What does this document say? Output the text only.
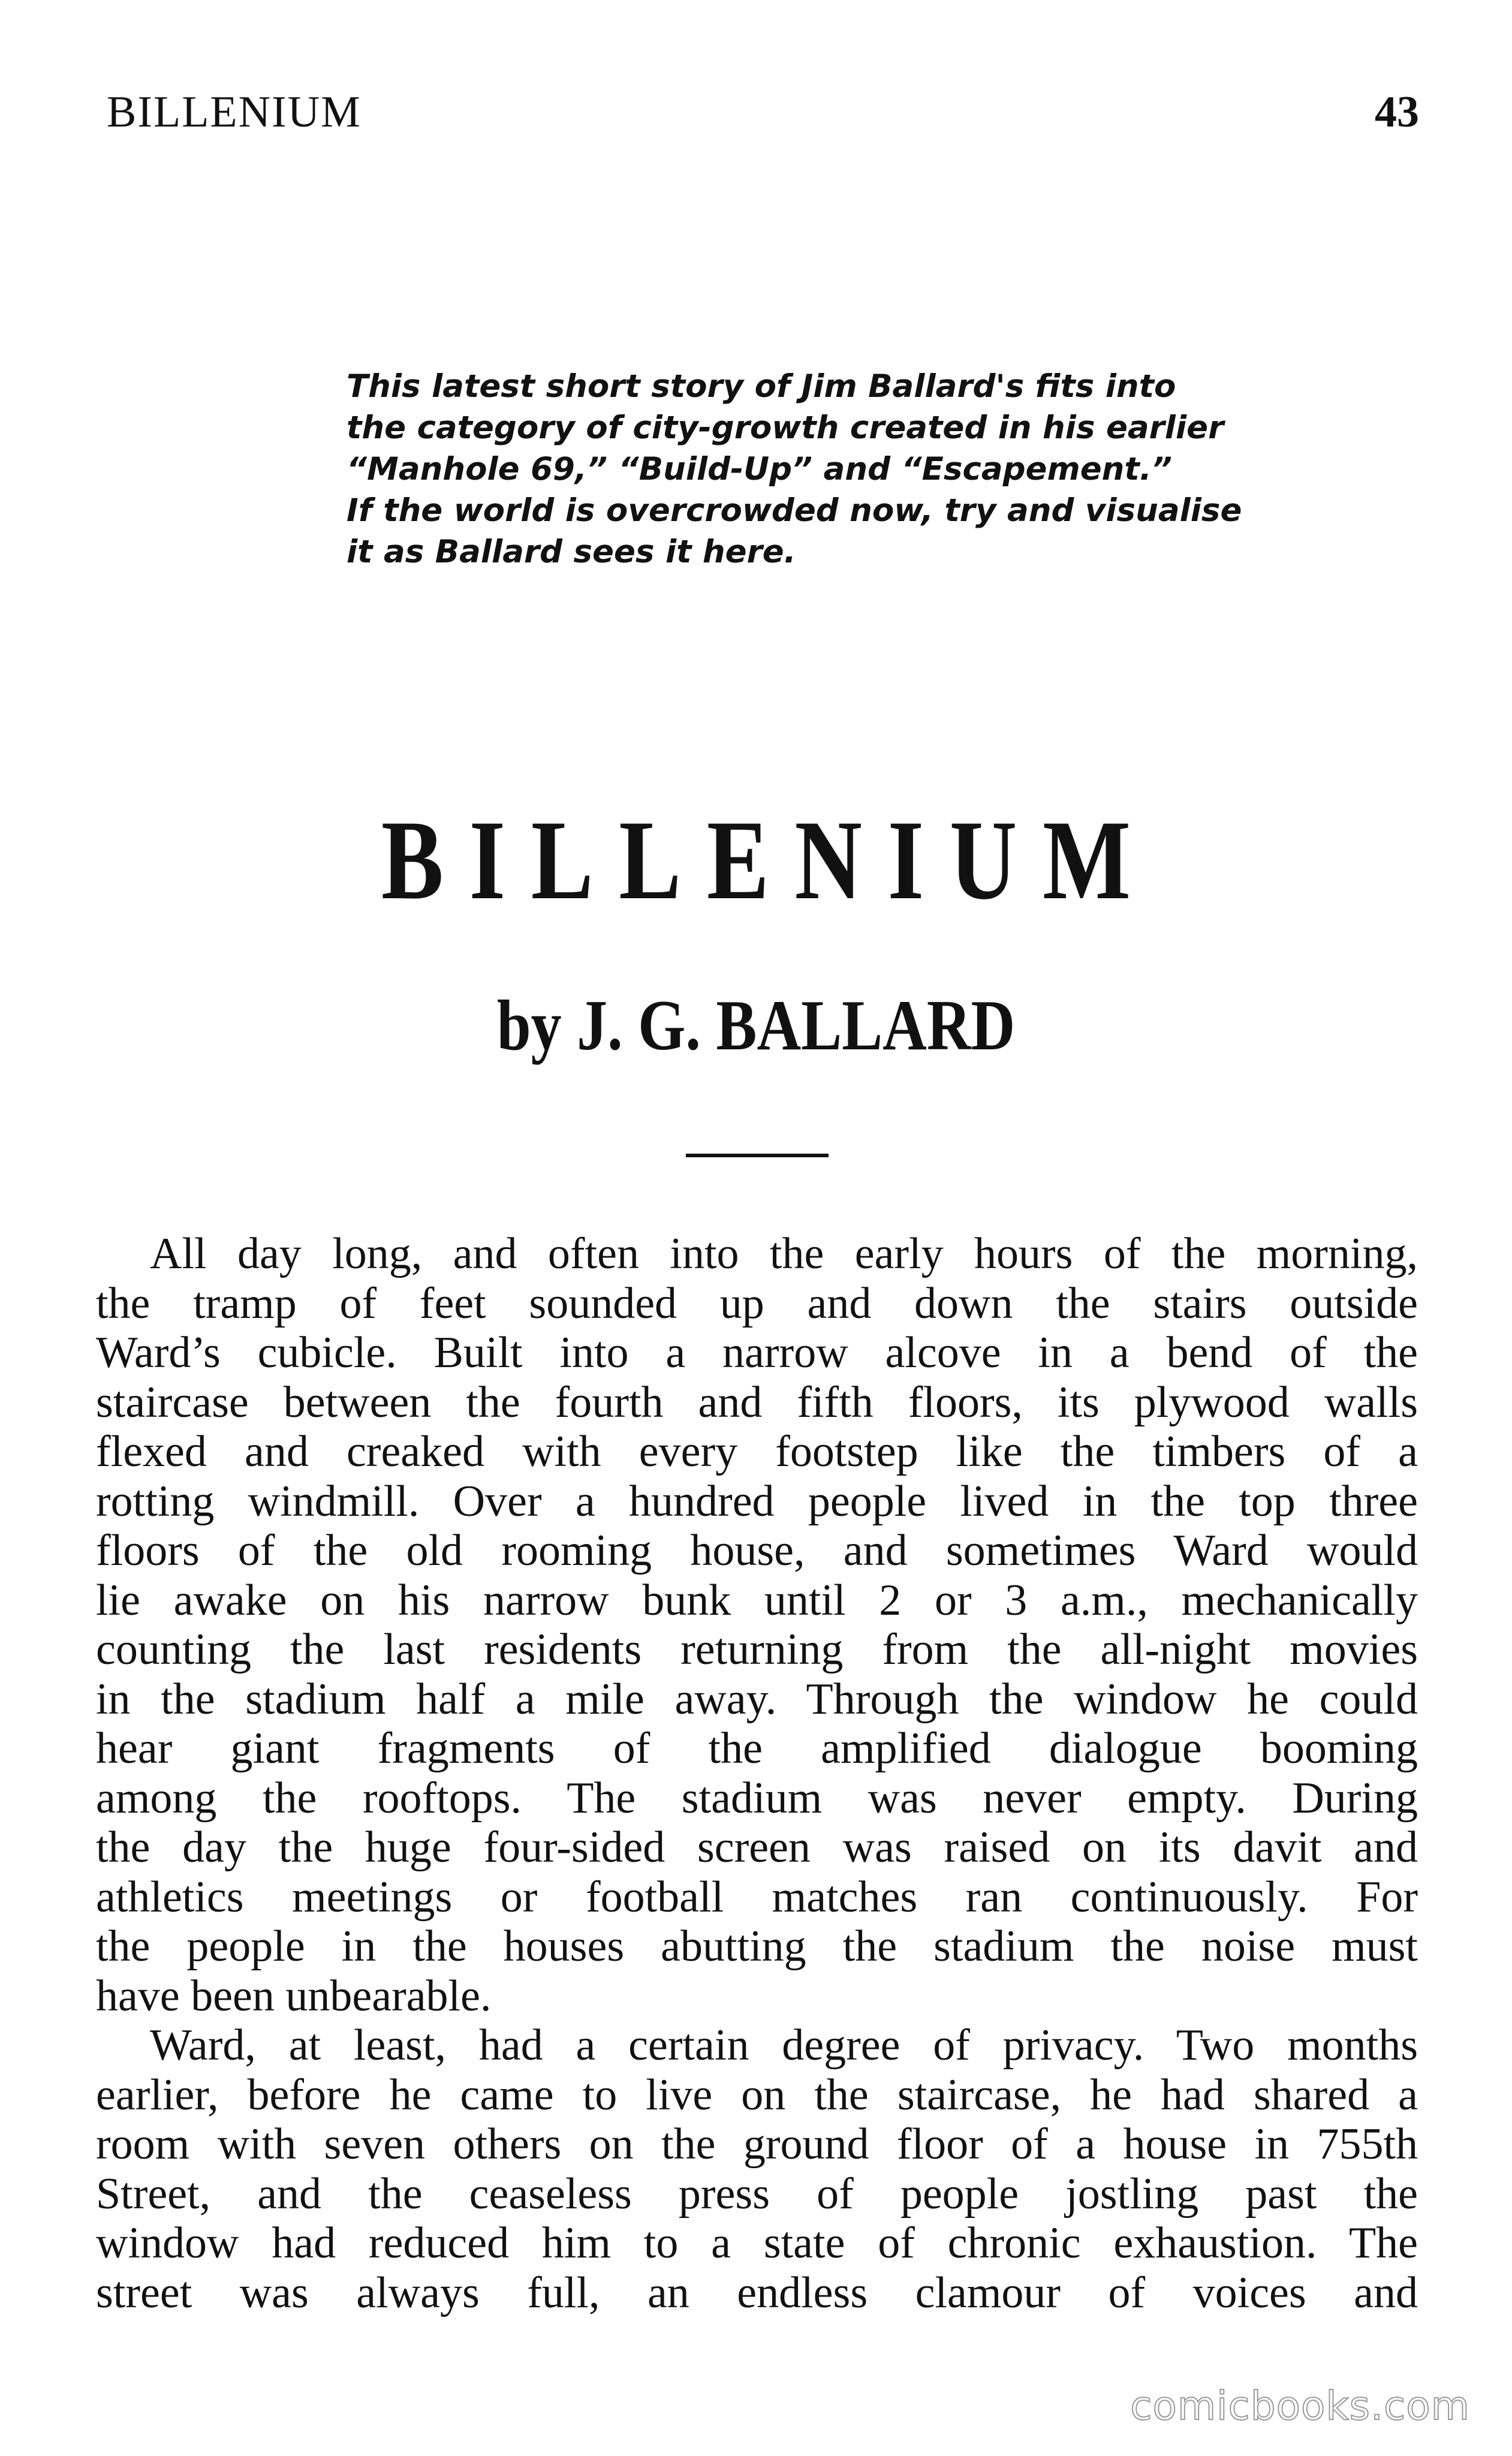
BILLENIUM	43
This latest short story of Jim Ballard's fits into
the category of city-growth created in his earlier
“Manhole 69,” “Build-Up” and “Escapement.”
If the world is overcrowded now, try and visualise
it as Ballard sees it here.
BILLENIUM
by J. G. BALLARD
All day long, and often into the early hours of the morning,
the tramp of feet sounded up and down the stairs outside
Ward’s cubicle. Built into a narrow alcove in a bend of the
staircase between the fourth and fifth floors, its plywood walls
flexed and creaked with every footstep like the timbers of a
rotting windmill. Over a hundred people lived in the top three
floors of the old rooming house, and sometimes Ward would
lie awake on his narrow bunk until 2 or 3 a.m., mechanically
counting the last residents returning from the all-night movies
in the stadium half a mile away. Through the window he could
hear giant fragments of the amplified dialogue booming
among the rooftops. The stadium was never empty. During
the day the huge four-sided screen was raised on its davit and
athletics meetings or football matches ran continuously. For
the people in the houses abutting the stadium the noise must
have been unbearable.
Ward, at least, had a certain degree of privacy. Two months
earlier, before he came to live on the staircase, he had shared a
room with seven others on the ground floor of a house in 755th
Street, and the ceaseless press of people jostling past the
window had reduced him to a state of chronic exhaustion. The
street was always full, an endless clamour of voices and
comicbooks.com
